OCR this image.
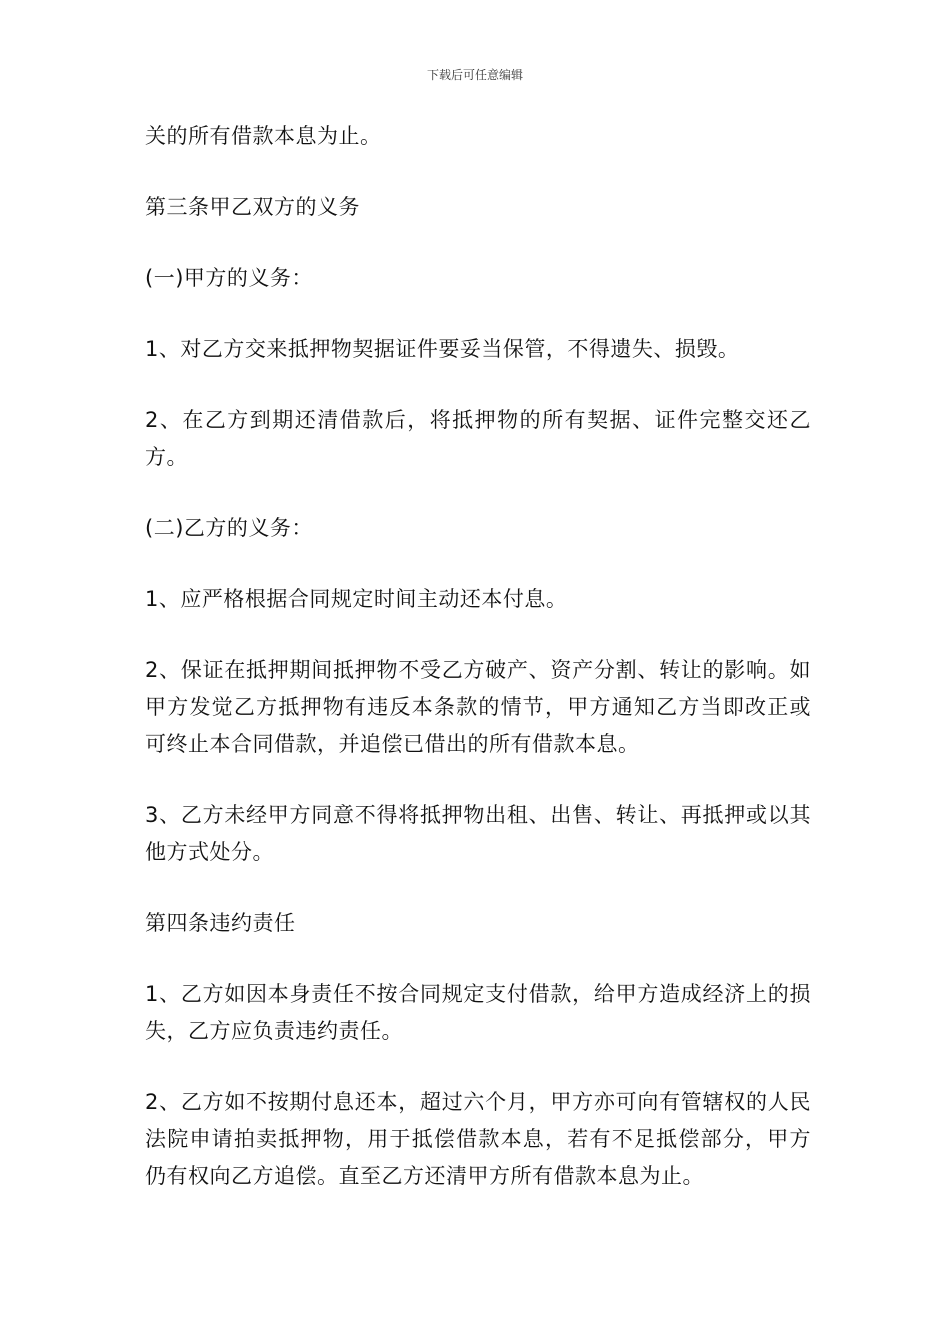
下载后可任意编辑

关的所有借款本息为止。

第三条甲乙双方的义务

(一)甲方的义务：

1、对乙方交来抵押物契据证件要妥当保管，不得遗失、损毁。

2、在乙方到期还清借款后，将抵押物的所有契据、证件完整交还乙方。

(二)乙方的义务：

1、应严格根据合同规定时间主动还本付息。

2、保证在抵押期间抵押物不受乙方破产、资产分割、转让的影响。如甲方发觉乙方抵押物有违反本条款的情节，甲方通知乙方当即改正或可终止本合同借款，并追偿已借出的所有借款本息。

3、乙方未经甲方同意不得将抵押物出租、出售、转让、再抵押或以其他方式处分。

第四条违约责任

1、乙方如因本身责任不按合同规定支付借款，给甲方造成经济上的损失，乙方应负责违约责任。

2、乙方如不按期付息还本，超过六个月，甲方亦可向有管辖权的人民法院申请拍卖抵押物，用于抵偿借款本息，若有不足抵偿部分，甲方仍有权向乙方追偿。直至乙方还清甲方所有借款本息为止。
